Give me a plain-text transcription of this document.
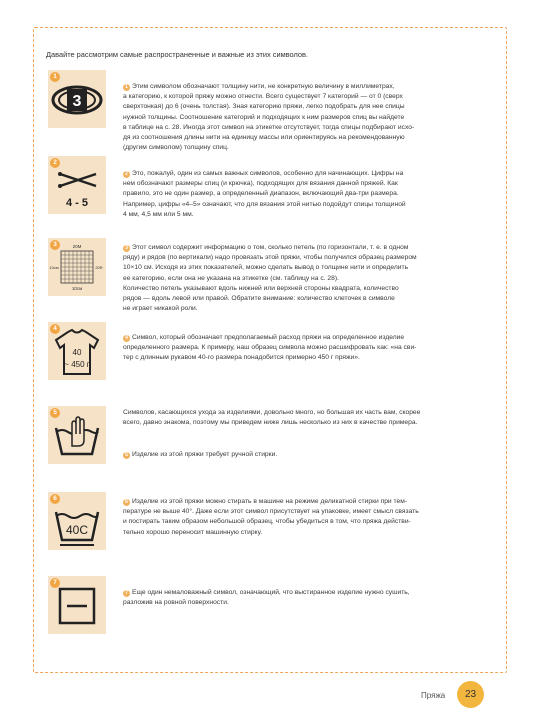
Давайте рассмотрим самые распространенные и важные из этих символов.
1
3
2
4 - 5
3	20М
10см	20R
10см
4
40
~ 450 г
5
6
40С
7
1 Этим символом обозначают толщину нити, не конкретную величину в миллиметрах,
а категорию, к которой пряжу можно отнести. Всего существует 7 категорий — от 0 (сверх
сверхтонкая) до 6 (очень толстая). Зная категорию пряжи, легко подобрать для нее спицы
нужной толщины. Соотношение категорий и подходящих к ним размеров спиц вы найдете
в таблице на с. 28. Иногда этот символ на этикетке отсутствует, тогда спицы подбирают исхо-
дя из соотношения длины нити на единицу массы или ориентируясь на рекомендованную
(другим символом) толщину спиц.
2 Это, пожалуй, один из самых важных символов, особенно для начинающих. Цифры на
нем обозначают размеры спиц (и крючка), подходящих для вязания данной пряжей. Как
правило, это не один размер, а определенный диапазон, включающий два-три размера.
Например, цифры «4–5» означают, что для вязания этой нитью подойдут спицы толщиной
4 мм, 4,5 мм или 5 мм.
3 Этот символ содержит информацию о том, сколько петель (по горизонтали, т. е. в одном
ряду) и рядов (по вертикали) надо провязать этой пряжи, чтобы получился образец размером
10×10 см. Исходя из этих показателей, можно сделать вывод о толщине нити и определить
ее категорию, если она не указана на этикетке (см. таблицу на с. 28).
Количество петель указывают вдоль нижней или верхней стороны квадрата, количество
рядов — вдоль левой или правой. Обратите внимание: количество клеточек в символе
не играет никакой роли.
4 Символ, который обозначает предполагаемый расход пряжи на определенное изделие
определенного размера. К примеру, наш образец символа можно расшифровать как: «на сви-
тер с длинным рукавом 40-го размера понадобится примерно 450 г пряжи».
Символов, касающихся ухода за изделиями, довольно много, но большая их часть вам, скорее
всего, давно знакома, поэтому мы приведем ниже лишь несколько из них в качестве примера.
5 Изделие из этой пряжи требует ручной стирки.
6 Изделие из этой пряжи можно стирать в машине на режиме деликатной стирки при тем-
пературе не выше 40°. Даже если этот символ присутствует на упаковке, имеет смысл связать
и постирать таким образом небольшой образец, чтобы убедиться в том, что пряжа действи-
тельно хорошо переносит машинную стирку.
7 Еще один немаловажный символ, означающий, что выстиранное изделие нужно сушить,
разложив на ровной поверхности.
Пряжа	23
